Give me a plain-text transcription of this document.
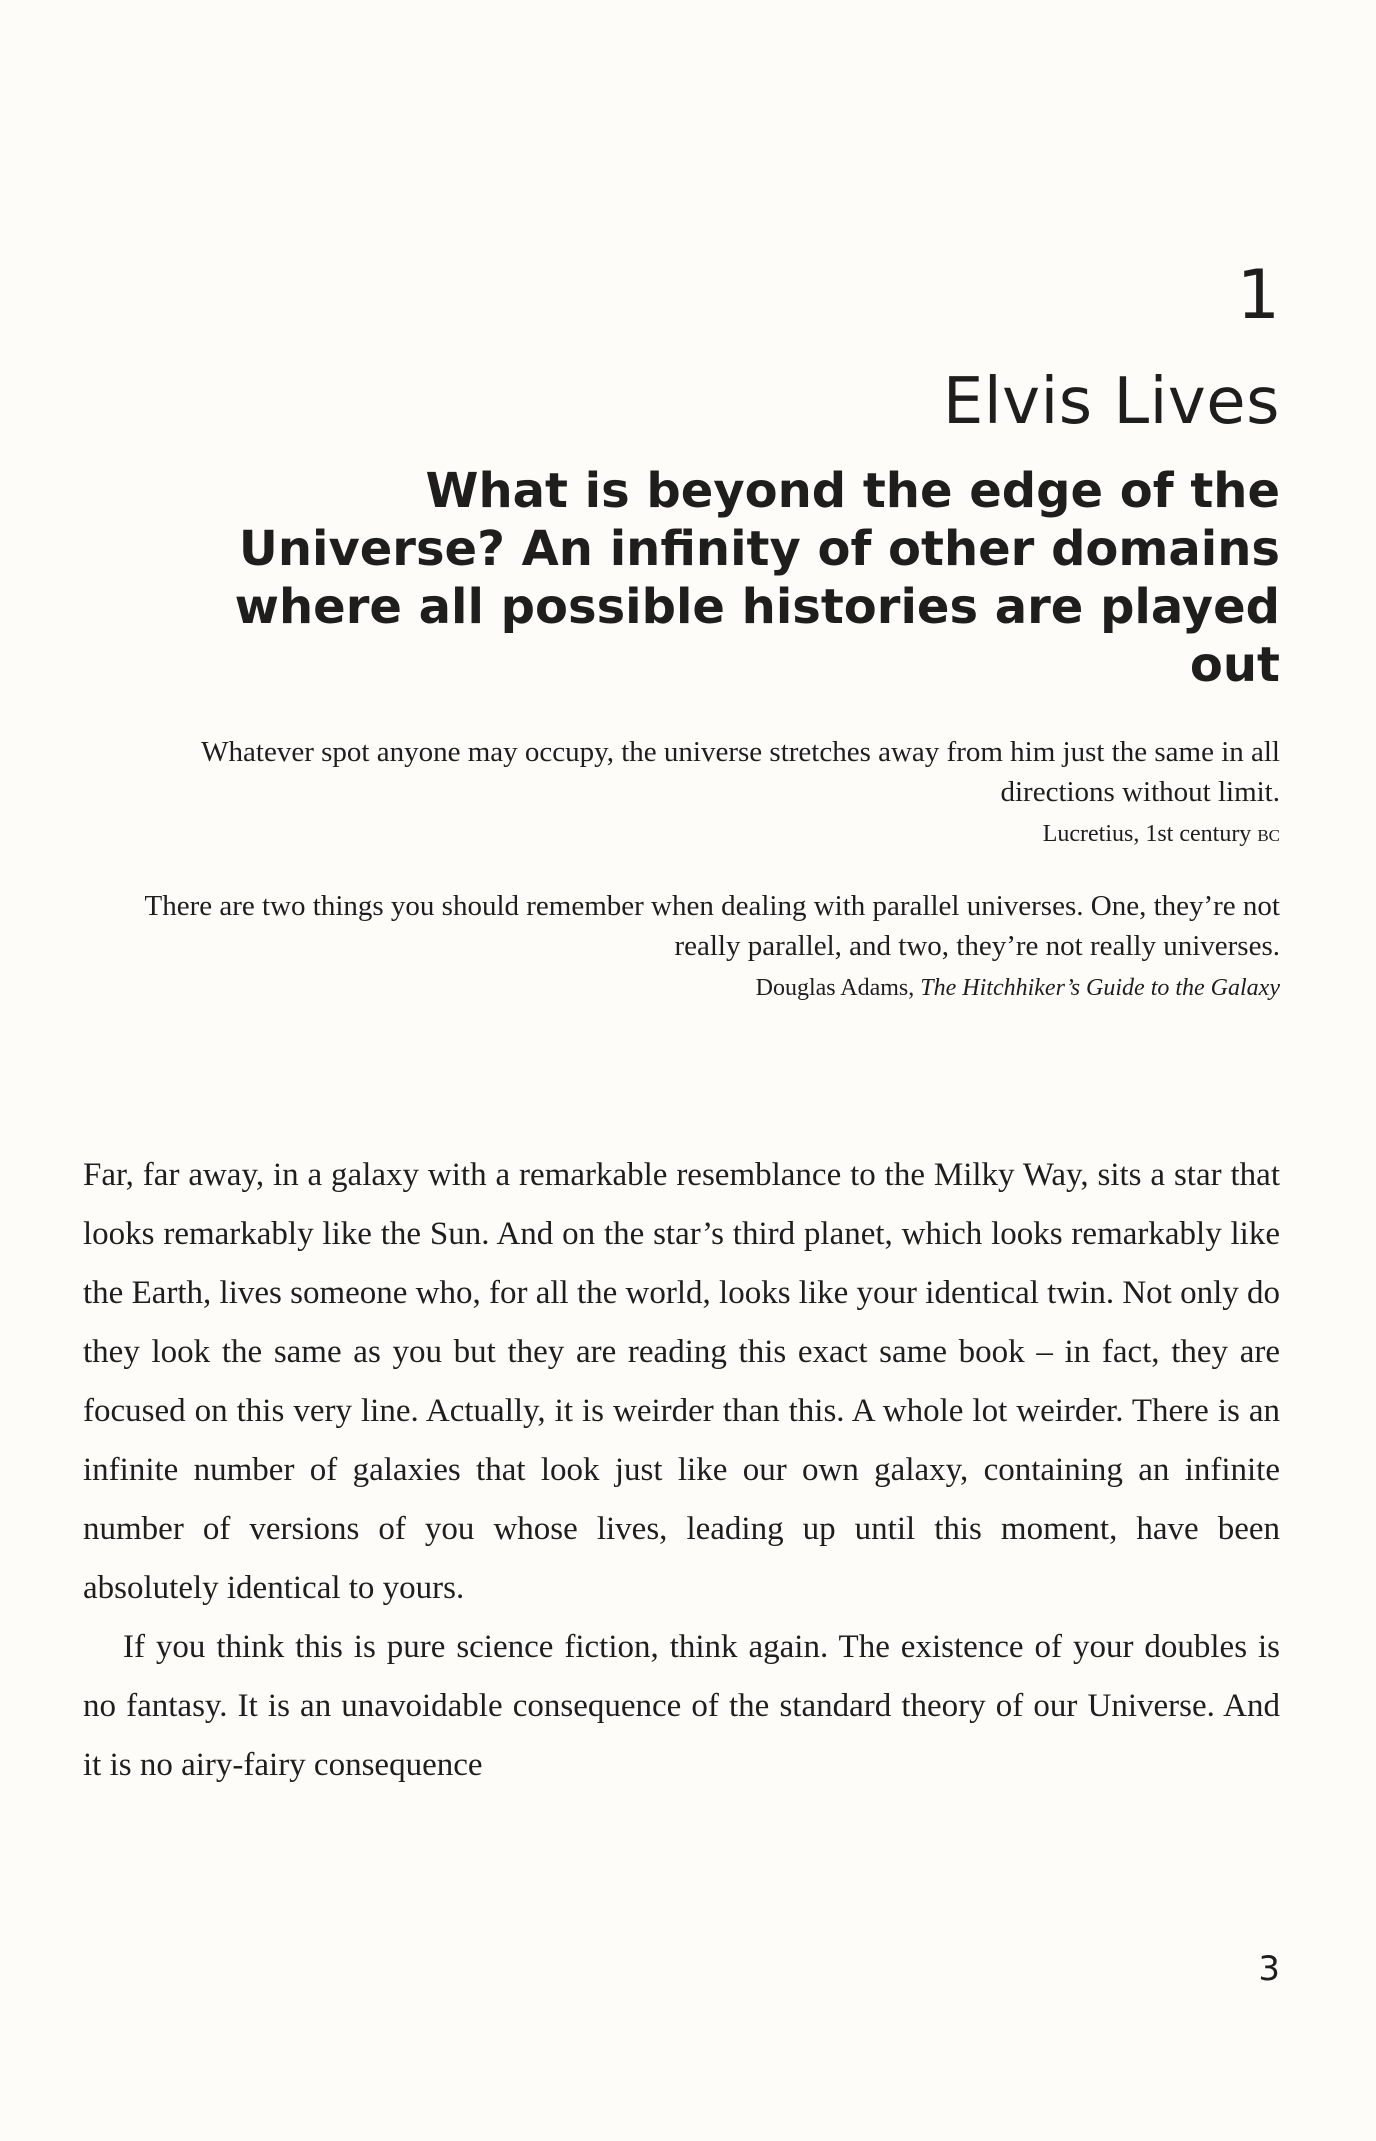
1
Elvis Lives
What is beyond the edge of the Universe? An infinity of other domains where all possible histories are played out
Whatever spot anyone may occupy, the universe stretches away from him just the same in all directions without limit.
Lucretius, 1st century bc
There are two things you should remember when dealing with parallel universes. One, they’re not really parallel, and two, they’re not really universes.
Douglas Adams, The Hitchhiker’s Guide to the Galaxy

Far, far away, in a galaxy with a remarkable resemblance to the Milky Way, sits a star that looks remarkably like the Sun. And on the star’s third planet, which looks remarkably like the Earth, lives someone who, for all the world, looks like your identical twin. Not only do they look the same as you but they are reading this exact same book – in fact, they are focused on this very line. Actually, it is weirder than this. A whole lot weirder. There is an infinite number of galaxies that look just like our own galaxy, containing an infinite number of versions of you whose lives, leading up until this moment, have been absolutely identical to yours.

If you think this is pure science fiction, think again. The existence of your doubles is no fantasy. It is an unavoidable consequence of the standard theory of our Universe. And it is no airy-fairy consequence

3
